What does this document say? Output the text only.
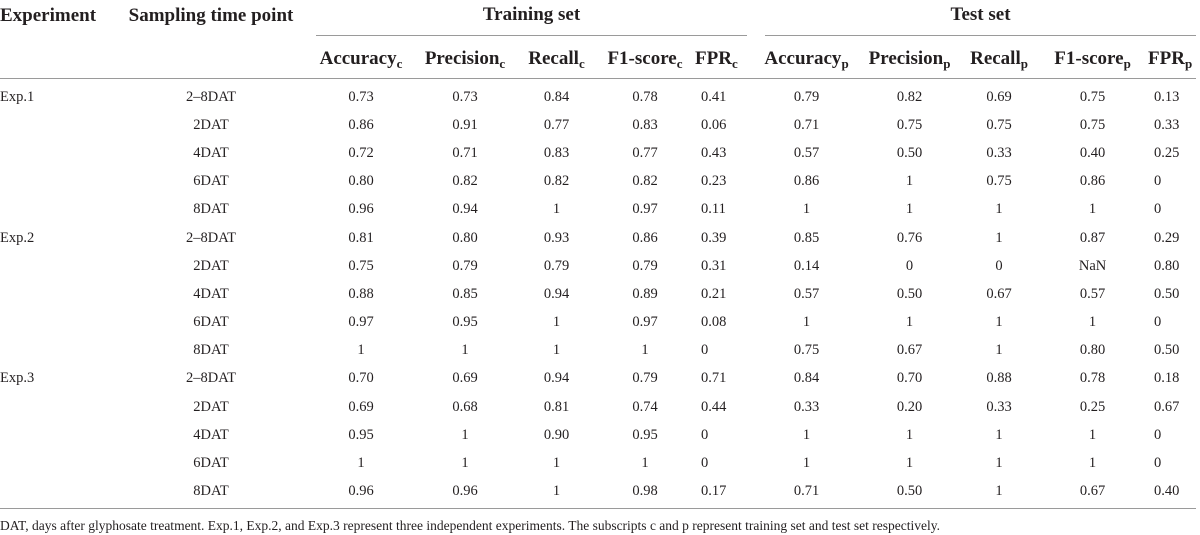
Experiment	Sampling time point	Training set					Test set				

		Accuracy$_c$	Precision$_c$	Recall$_c$	F1-score$_c$	$FPR_c$	Accuracy$_p$	Precision$_p$	Recall$_p$	F1-score$_p$	$FPR_p$

Exp.1	2–8DAT	0.73	0.73	0.84	0.78	0.41	0.79	0.82	0.69	0.75	0.13
	2DAT	0.86	0.91	0.77	0.83	0.06	0.71	0.75	0.75	0.75	0.33
	4DAT	0.72	0.71	0.83	0.77	0.43	0.57	0.50	0.33	0.40	0.25
	6DAT	0.80	0.82	0.82	0.82	0.23	0.86	1	0.75	0.86	0
	8DAT	0.96	0.94	1	0.97	0.11	1	1	1	1	0
Exp.2	2–8DAT	0.81	0.80	0.93	0.86	0.39	0.85	0.76	1	0.87	0.29
	2DAT	0.75	0.79	0.79	0.79	0.31	0.14	0	0	NaN	0.80
	4DAT	0.88	0.85	0.94	0.89	0.21	0.57	0.50	0.67	0.57	0.50
	6DAT	0.97	0.95	1	0.97	0.08	1	1	1	1	0
	8DAT	1	1	1	1	0	0.75	0.67	1	0.80	0.50
Exp.3	2–8DAT	0.70	0.69	0.94	0.79	0.71	0.84	0.70	0.88	0.78	0.18
	2DAT	0.69	0.68	0.81	0.74	0.44	0.33	0.20	0.33	0.25	0.67
	4DAT	0.95	1	0.90	0.95	0	1	1	1	1	0
	6DAT	1	1	1	1	0	1	1	1	1	0
	8DAT	0.96	0.96	1	0.98	0.17	0.71	0.50	1	0.67	0.40
DAT, days after glyphosate treatment. Exp.1, Exp.2, and Exp.3 represent three independent experiments. The subscripts c and p represent training set and test set respectively.
